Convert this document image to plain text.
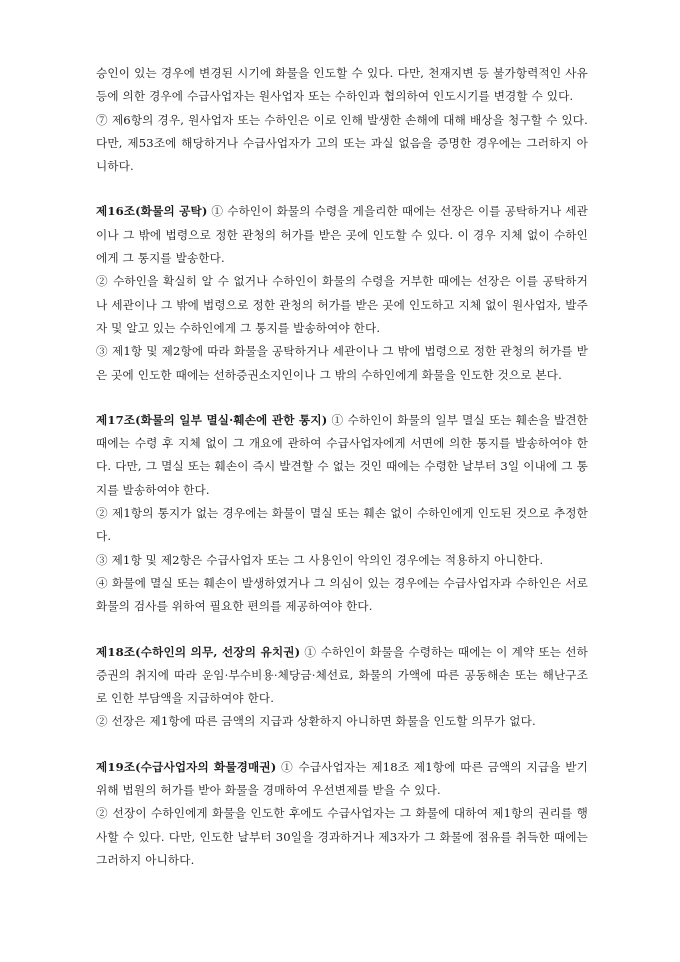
승인이 있는 경우에 변경된 시기에 화물을 인도할 수 있다. 다만, 천재지변 등 불가항력적인 사유 등에 의한 경우에 수급사업자는 원사업자 또는 수하인과 협의하여 인도시기를 변경할 수 있다.

⑦ 제6항의 경우, 원사업자 또는 수하인은 이로 인해 발생한 손해에 대해 배상을 청구할 수 있다. 다만, 제53조에 해당하거나 수급사업자가 고의 또는 과실 없음을 증명한 경우에는 그러하지 아니하다.

제16조(화물의 공탁) ① 수하인이 화물의 수령을 게을리한 때에는 선장은 이를 공탁하거나 세관이나 그 밖에 법령으로 정한 관청의 허가를 받은 곳에 인도할 수 있다. 이 경우 지체 없이 수하인에게 그 통지를 발송한다.

② 수하인을 확실히 알 수 없거나 수하인이 화물의 수령을 거부한 때에는 선장은 이를 공탁하거나 세관이나 그 밖에 법령으로 정한 관청의 허가를 받은 곳에 인도하고 지체 없이 원사업자, 발주자 및 알고 있는 수하인에게 그 통지를 발송하여야 한다.

③ 제1항 및 제2항에 따라 화물을 공탁하거나 세관이나 그 밖에 법령으로 정한 관청의 허가를 받은 곳에 인도한 때에는 선하증권소지인이나 그 밖의 수하인에게 화물을 인도한 것으로 본다.

제17조(화물의 일부 멸실·훼손에 관한 통지) ① 수하인이 화물의 일부 멸실 또는 훼손을 발견한 때에는 수령 후 지체 없이 그 개요에 관하여 수급사업자에게 서면에 의한 통지를 발송하여야 한다. 다만, 그 멸실 또는 훼손이 즉시 발견할 수 없는 것인 때에는 수령한 날부터 3일 이내에 그 통지를 발송하여야 한다.

② 제1항의 통지가 없는 경우에는 화물이 멸실 또는 훼손 없이 수하인에게 인도된 것으로 추정한다.

③ 제1항 및 제2항은 수급사업자 또는 그 사용인이 악의인 경우에는 적용하지 아니한다.

④ 화물에 멸실 또는 훼손이 발생하였거나 그 의심이 있는 경우에는 수급사업자과 수하인은 서로 화물의 검사를 위하여 필요한 편의를 제공하여야 한다.

제18조(수하인의 의무, 선장의 유치권) ① 수하인이 화물을 수령하는 때에는 이 계약 또는 선하증권의 취지에 따라 운임·부수비용·체당금·체선료, 화물의 가액에 따른 공동해손 또는 해난구조로 인한 부담액을 지급하여야 한다.

② 선장은 제1항에 따른 금액의 지급과 상환하지 아니하면 화물을 인도할 의무가 없다.

제19조(수급사업자의 화물경매권) ① 수급사업자는 제18조 제1항에 따른 금액의 지급을 받기 위해 법원의 허가를 받아 화물을 경매하여 우선변제를 받을 수 있다.

② 선장이 수하인에게 화물을 인도한 후에도 수급사업자는 그 화물에 대하여 제1항의 권리를 행사할 수 있다. 다만, 인도한 날부터 30일을 경과하거나 제3자가 그 화물에 점유를 취득한 때에는 그러하지 아니하다.
